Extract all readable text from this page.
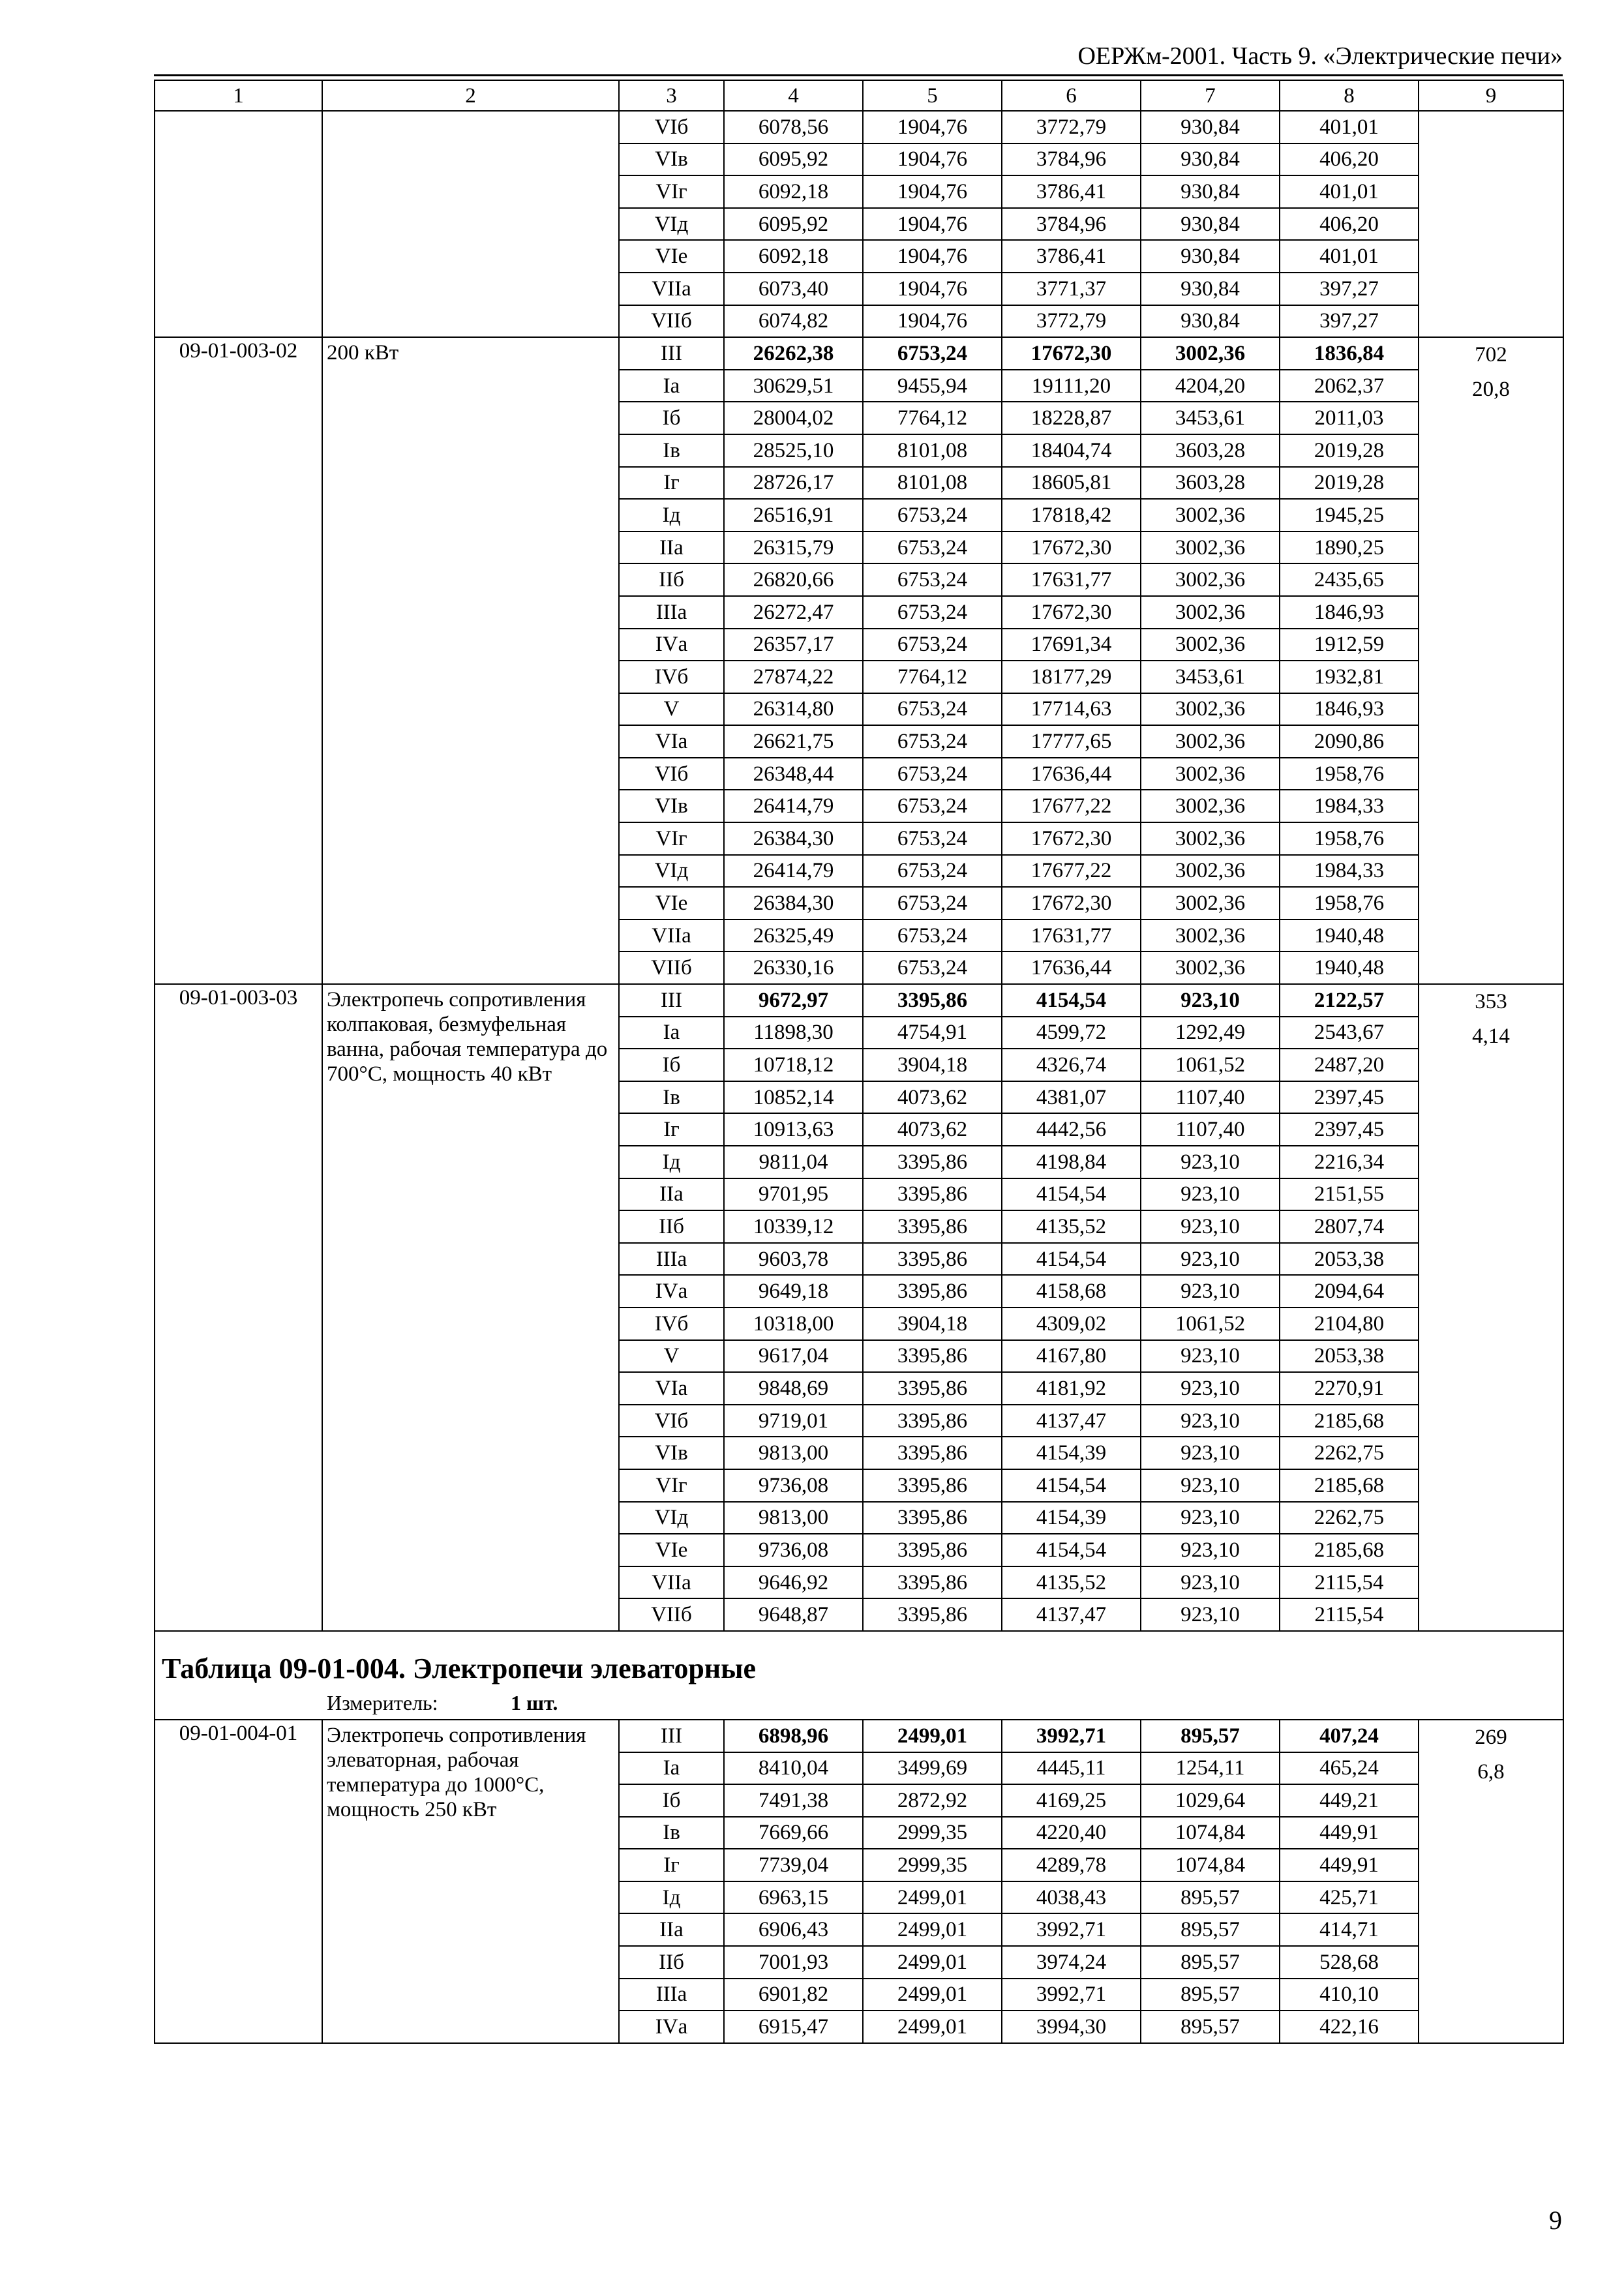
ОЕРЖм-2001. Часть 9. «Электрические печи»
1	2	3	4	5	6	7	8	9
		VIб	6078,56	1904,76	3772,79	930,84	401,01	
		VIв	6095,92	1904,76	3784,96	930,84	406,20	
		VIг	6092,18	1904,76	3786,41	930,84	401,01	
		VIд	6095,92	1904,76	3784,96	930,84	406,20	
		VIе	6092,18	1904,76	3786,41	930,84	401,01	
		VIIа	6073,40	1904,76	3771,37	930,84	397,27	
		VIIб	6074,82	1904,76	3772,79	930,84	397,27	
09-01-003-02	200 кВт	III	26262,38	6753,24	17672,30	3002,36	1836,84	702
20,8

		Iа	30629,51	9455,94	19111,20	4204,20	2062,37	
		Iб	28004,02	7764,12	18228,87	3453,61	2011,03	
		Iв	28525,10	8101,08	18404,74	3603,28	2019,28	
		Iг	28726,17	8101,08	18605,81	3603,28	2019,28	
		Iд	26516,91	6753,24	17818,42	3002,36	1945,25	
		IIа	26315,79	6753,24	17672,30	3002,36	1890,25	
		IIб	26820,66	6753,24	17631,77	3002,36	2435,65	
		IIIа	26272,47	6753,24	17672,30	3002,36	1846,93	
		IVа	26357,17	6753,24	17691,34	3002,36	1912,59	
		IVб	27874,22	7764,12	18177,29	3453,61	1932,81	
		V	26314,80	6753,24	17714,63	3002,36	1846,93	
		VIа	26621,75	6753,24	17777,65	3002,36	2090,86	
		VIб	26348,44	6753,24	17636,44	3002,36	1958,76	
		VIв	26414,79	6753,24	17677,22	3002,36	1984,33	
		VIг	26384,30	6753,24	17672,30	3002,36	1958,76	
		VIд	26414,79	6753,24	17677,22	3002,36	1984,33	
		VIе	26384,30	6753,24	17672,30	3002,36	1958,76	
		VIIа	26325,49	6753,24	17631,77	3002,36	1940,48	
		VIIб	26330,16	6753,24	17636,44	3002,36	1940,48	
09-01-003-03	Электропечь сопротивления колпаковая, безмуфельная ванна, рабочая температура до 700°С, мощность 40 кВт	III	9672,97	3395,86	4154,54	923,10	2122,57	353
4,14

		Iа	11898,30	4754,91	4599,72	1292,49	2543,67	
		Iб	10718,12	3904,18	4326,74	1061,52	2487,20	
		Iв	10852,14	4073,62	4381,07	1107,40	2397,45	
		Iг	10913,63	4073,62	4442,56	1107,40	2397,45	
		Iд	9811,04	3395,86	4198,84	923,10	2216,34	
		IIа	9701,95	3395,86	4154,54	923,10	2151,55	
		IIб	10339,12	3395,86	4135,52	923,10	2807,74	
		IIIа	9603,78	3395,86	4154,54	923,10	2053,38	
		IVа	9649,18	3395,86	4158,68	923,10	2094,64	
		IVб	10318,00	3904,18	4309,02	1061,52	2104,80	
		V	9617,04	3395,86	4167,80	923,10	2053,38	
		VIа	9848,69	3395,86	4181,92	923,10	2270,91	
		VIб	9719,01	3395,86	4137,47	923,10	2185,68	
		VIв	9813,00	3395,86	4154,39	923,10	2262,75	
		VIг	9736,08	3395,86	4154,54	923,10	2185,68	
		VIд	9813,00	3395,86	4154,39	923,10	2262,75	
		VIе	9736,08	3395,86	4154,54	923,10	2185,68	
		VIIа	9646,92	3395,86	4135,52	923,10	2115,54	
		VIIб	9648,87	3395,86	4137,47	923,10	2115,54	
Таблица 09-01-004. Электропечи элеваторные								
Измеритель: 1 шт.								
09-01-004-01	Электропечь сопротивления элеваторная, рабочая температура до 1000°С, мощность 250 кВт	III	6898,96	2499,01	3992,71	895,57	407,24	269
6,8

		Iа	8410,04	3499,69	4445,11	1254,11	465,24	
		Iб	7491,38	2872,92	4169,25	1029,64	449,21	
		Iв	7669,66	2999,35	4220,40	1074,84	449,91	
		Iг	7739,04	2999,35	4289,78	1074,84	449,91	
		Iд	6963,15	2499,01	4038,43	895,57	425,71	
		IIа	6906,43	2499,01	3992,71	895,57	414,71	
		IIб	7001,93	2499,01	3974,24	895,57	528,68	
		IIIа	6901,82	2499,01	3992,71	895,57	410,10	
		IVа	6915,47	2499,01	3994,30	895,57	422,16	
9
